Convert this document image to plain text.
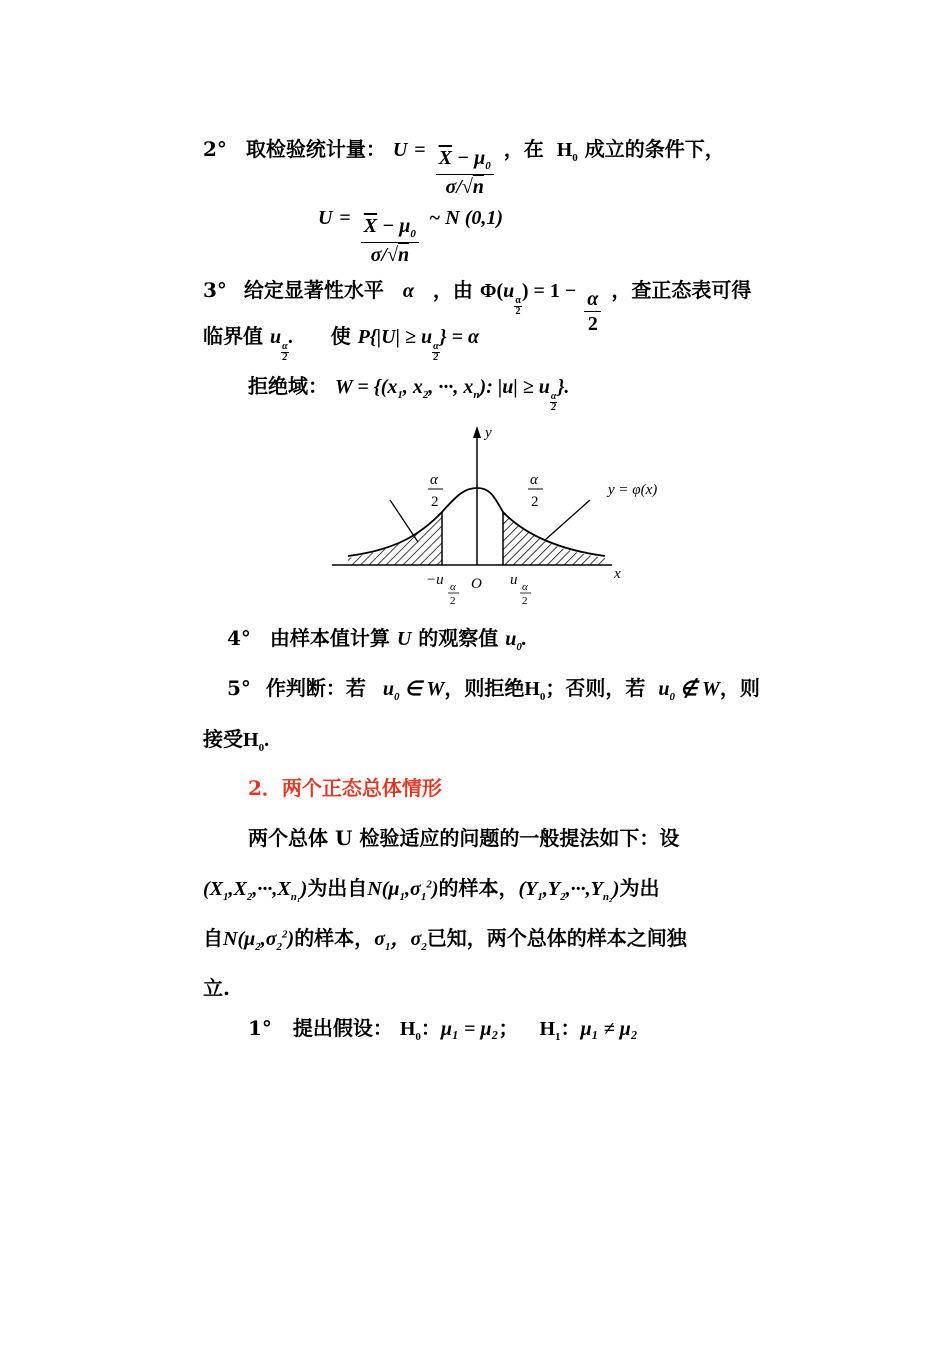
2° 取检验统计量： $U = \frac{\overline{X} - \mu_0}{\sigma/√n}$ ，在 $H_0$ 成立的条件下，
$U = \frac{\overline{X} - \mu_0}{\sigma/√n}$ ~ N (0,1)
3° 给定显著性水平 α ，由 Φ(u
$\frac{\alpha}{2}$
) = $1 - \frac{\alpha}{2}$ ，查正态表可得
临界值 u
$\frac{\alpha}{2}$
. 使 P{|U| ≥ u
$\frac{\alpha}{2}$
} = α
拒绝域： $W = \{(x_1$, $x_2$, ···, $x_n$): |u| ≥ u
$\frac{\alpha}{2}$
}.
y
x
O
y = φ(x)
α
2
α
2
−u α
2
u α
2
4° 由样本值计算 U 的观察值 $u_0$.
5° 作判断：若 $u_0$ ∈ W，则拒绝$H_0$；否则，若 $u_0$ ∉ W，则
接受$H_0$.
2．两个正态总体情形
两个总体 U 检验适应的问题的一般提法如下：设
$(X_1,X_2,\cdot\cdot\cdot,X_{n_1})$为出自$N(\mu_1,\sigma_1^2)$的样本，$(Y_1,Y_2,\cdot\cdot\cdot,Y_{n_2})$为出
自$N(\mu_2,\sigma_2^2)$的样本，$\sigma_1$，$\sigma_2$已知，两个总体的样本之间独
立.
1° 提出假设： $H_0$：μ₁ = μ₂； $H_1$：μ₁ ≠ μ₂
